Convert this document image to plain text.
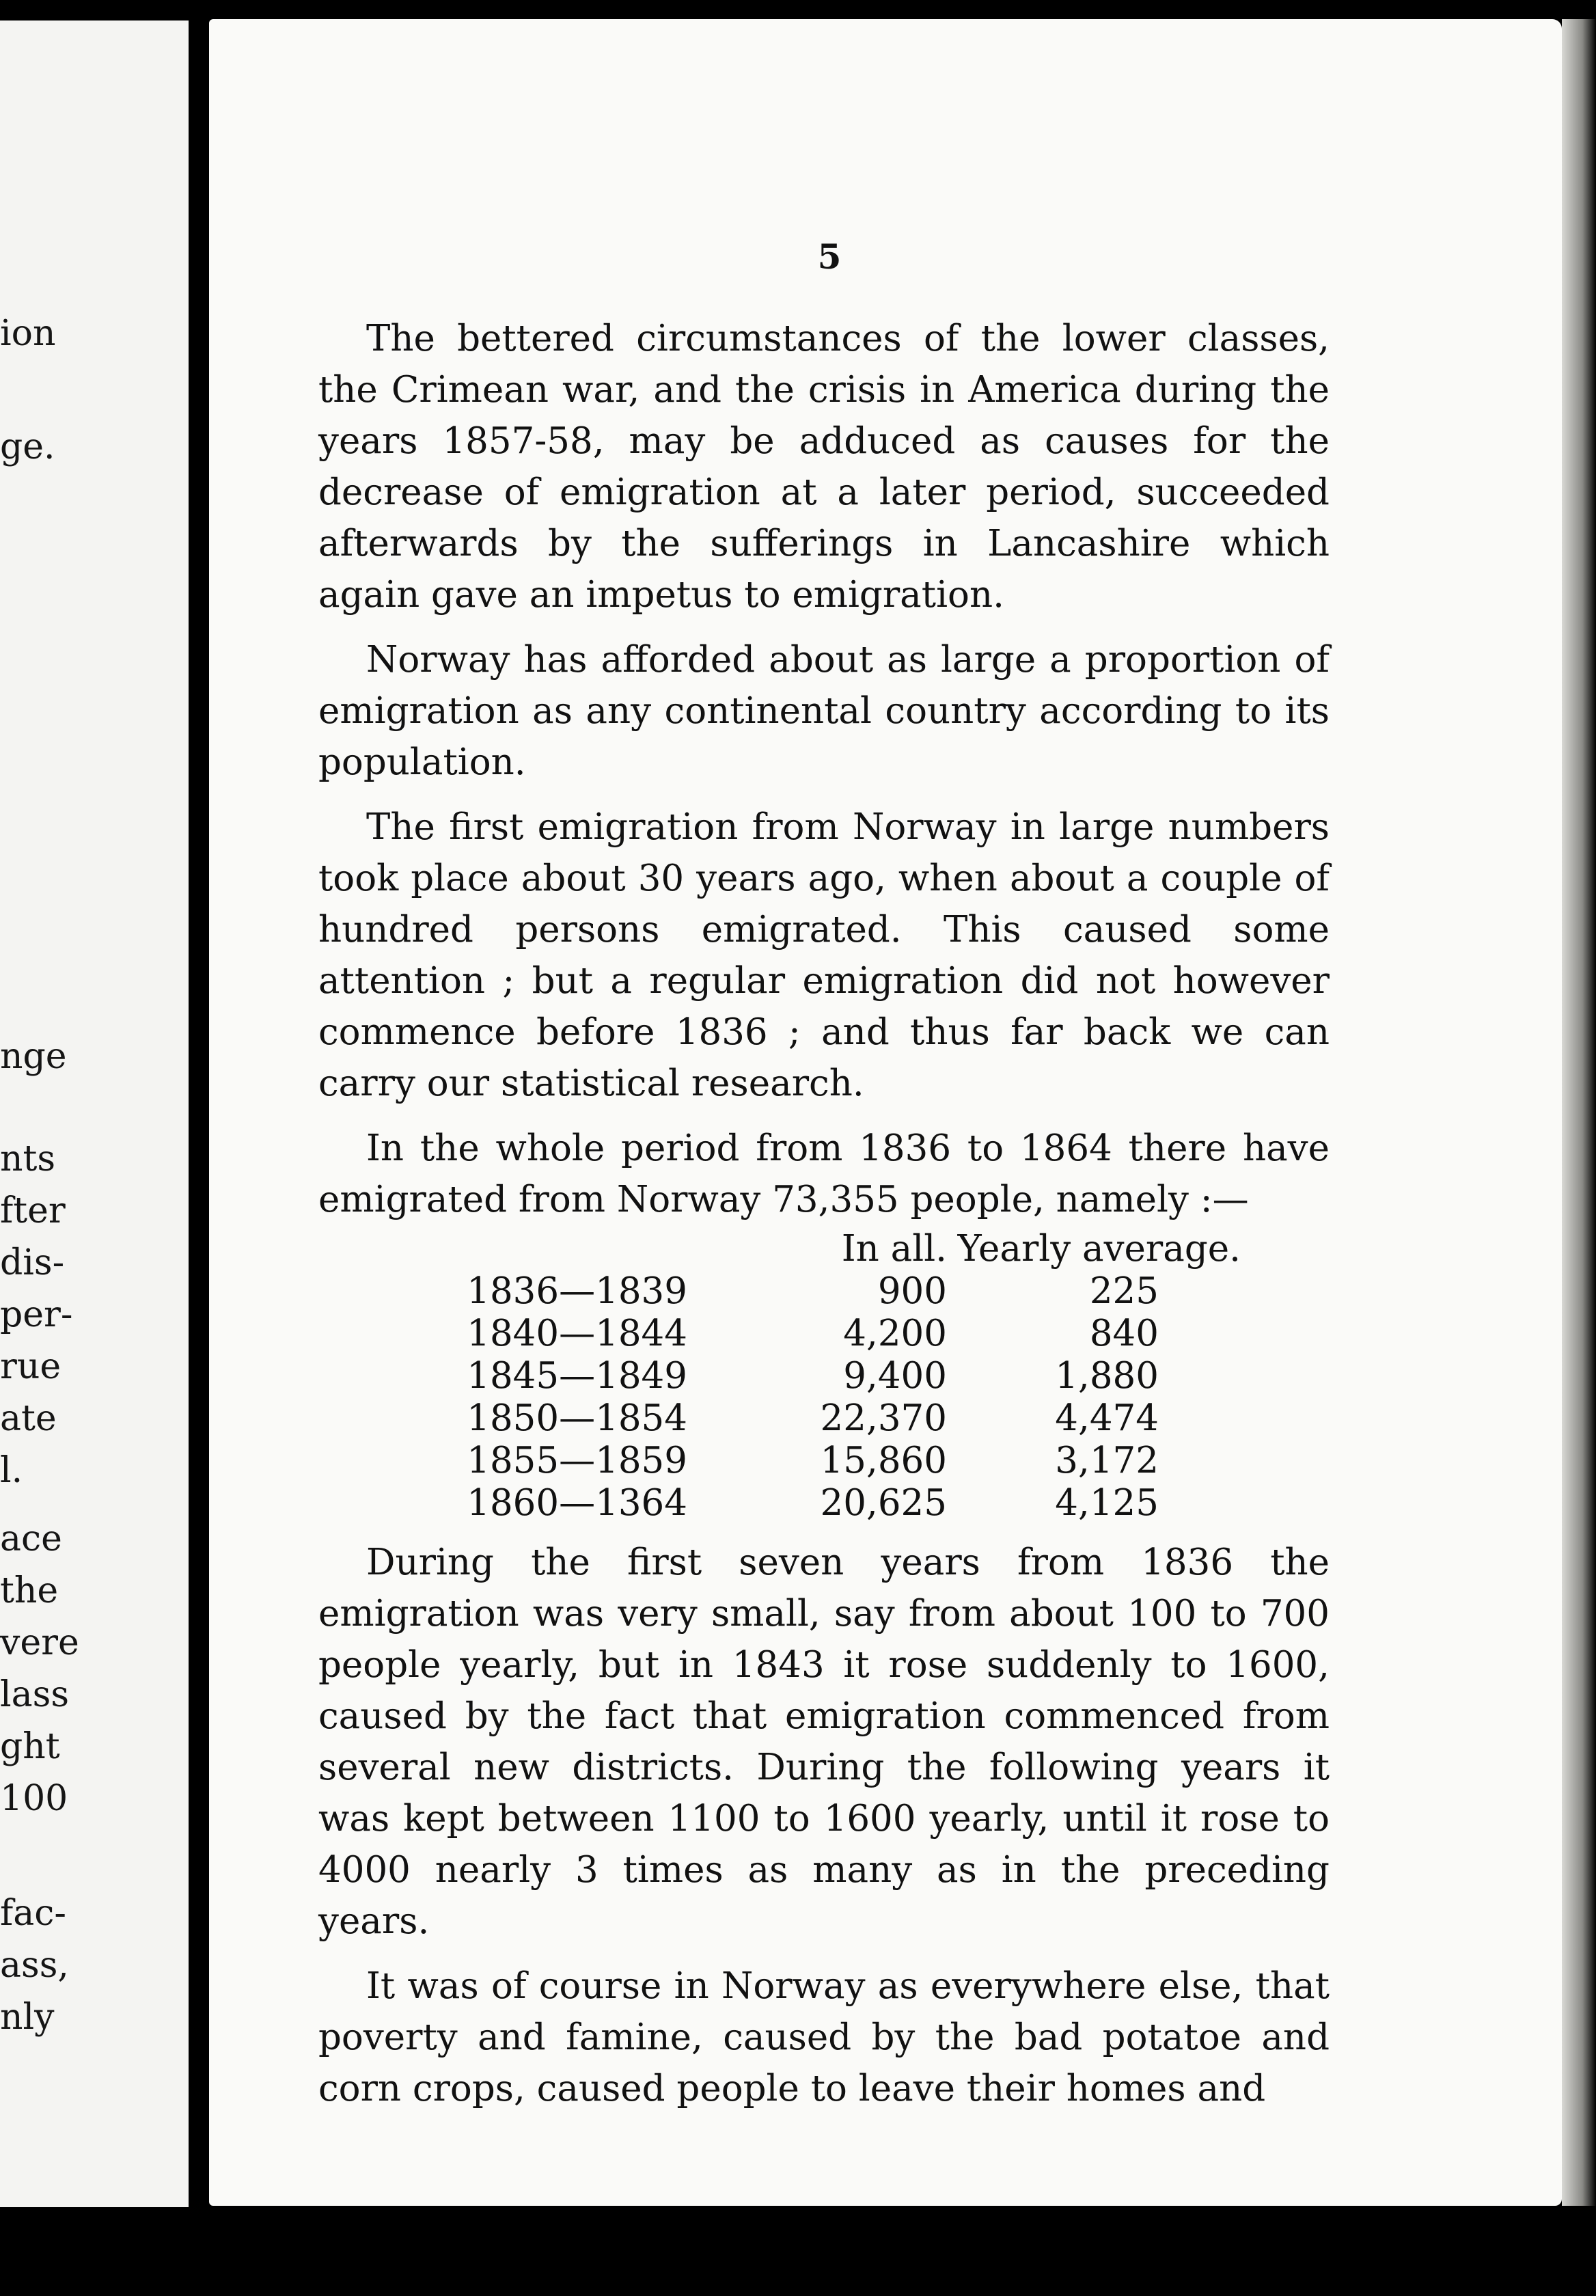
ion
ge.
nge
nts
fter
dis-
per-
rue
ate
l.
ace
the
vere
lass
ght
100
fac-
ass,
nly
5

The bettered circumstances of the lower classes, the Crimean war, and the crisis in America during the years 1857-58, may be adduced as causes for the decrease of emigration at a later period, succeeded afterwards by the sufferings in Lancashire which again gave an impetus to emigration.

Norway has afforded about as large a proportion of emigration as any continental country according to its population.

The first emigration from Norway in large numbers took place about 30 years ago, when about a couple of hundred persons emigrated. This caused some attention ; but a regular emigration did not however commence before 1836 ; and thus far back we can carry our statistical research.

In the whole period from 1836 to 1864 there have emigrated from Norway 73,355 people, namely :—

	In all.	Yearly average.
1836—1839	900	225
1840—1844	4,200	840
1845—1849	9,400	1,880
1850—1854	22,370	4,474
1855—1859	15,860	3,172
1860—1364	20,625	4,125

During the first seven years from 1836 the emigration was very small, say from about 100 to 700 people yearly, but in 1843 it rose suddenly to 1600, caused by the fact that emigration commenced from several new districts. During the following years it was kept between 1100 to 1600 yearly, until it rose to 4000 nearly 3 times as many as in the preceding years.

It was of course in Norway as everywhere else, that poverty and famine, caused by the bad potatoe and corn crops, caused people to leave their homes and
